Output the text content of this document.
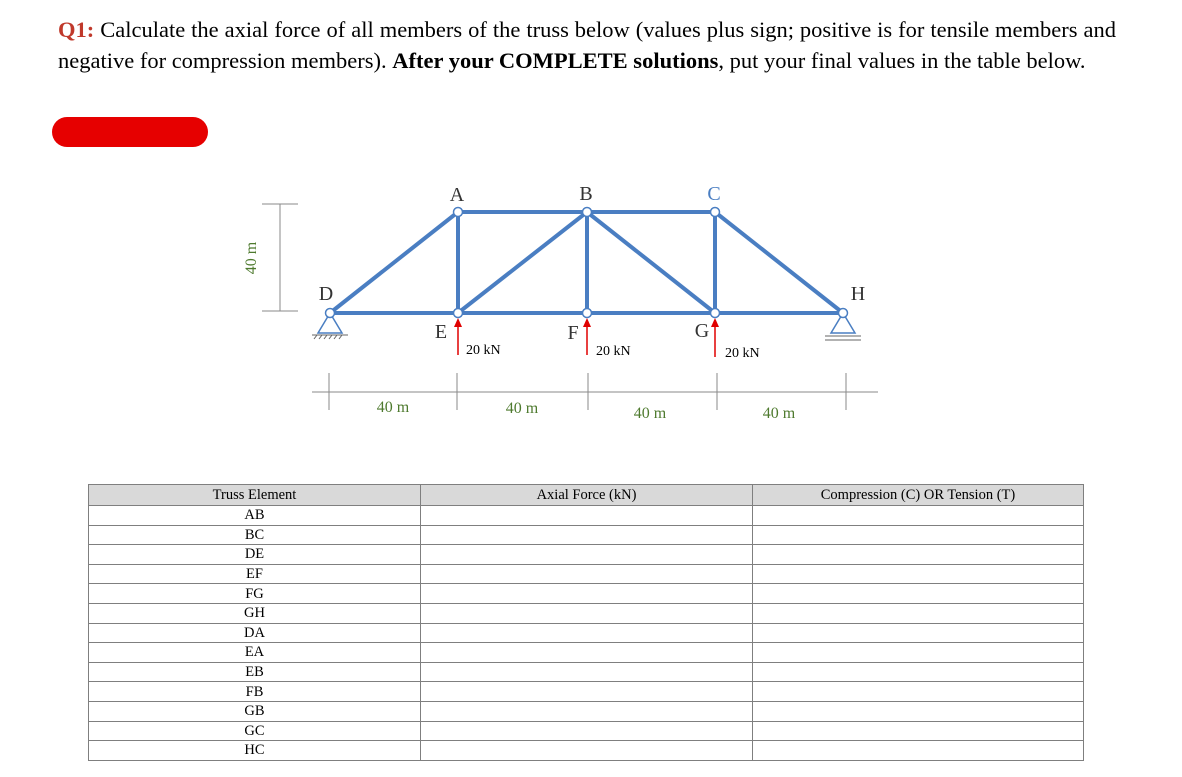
Q1: Calculate the axial force of all members of the truss below (values plus sign; positive is for tensile members and negative for compression members). After your COMPLETE solutions, put your final values in the table below.

40 m
A	B	C
D
E	F	G
H
20 kN	20 kN	20 kN
40 m	40 m	40 m	40 m
Truss Element	Axial Force (kN)	Compression (C) OR Tension (T)
AB		
BC		
DE		
EF		
FG		
GH		
DA		
EA		
EB		
FB		
GB		
GC		
HC		
